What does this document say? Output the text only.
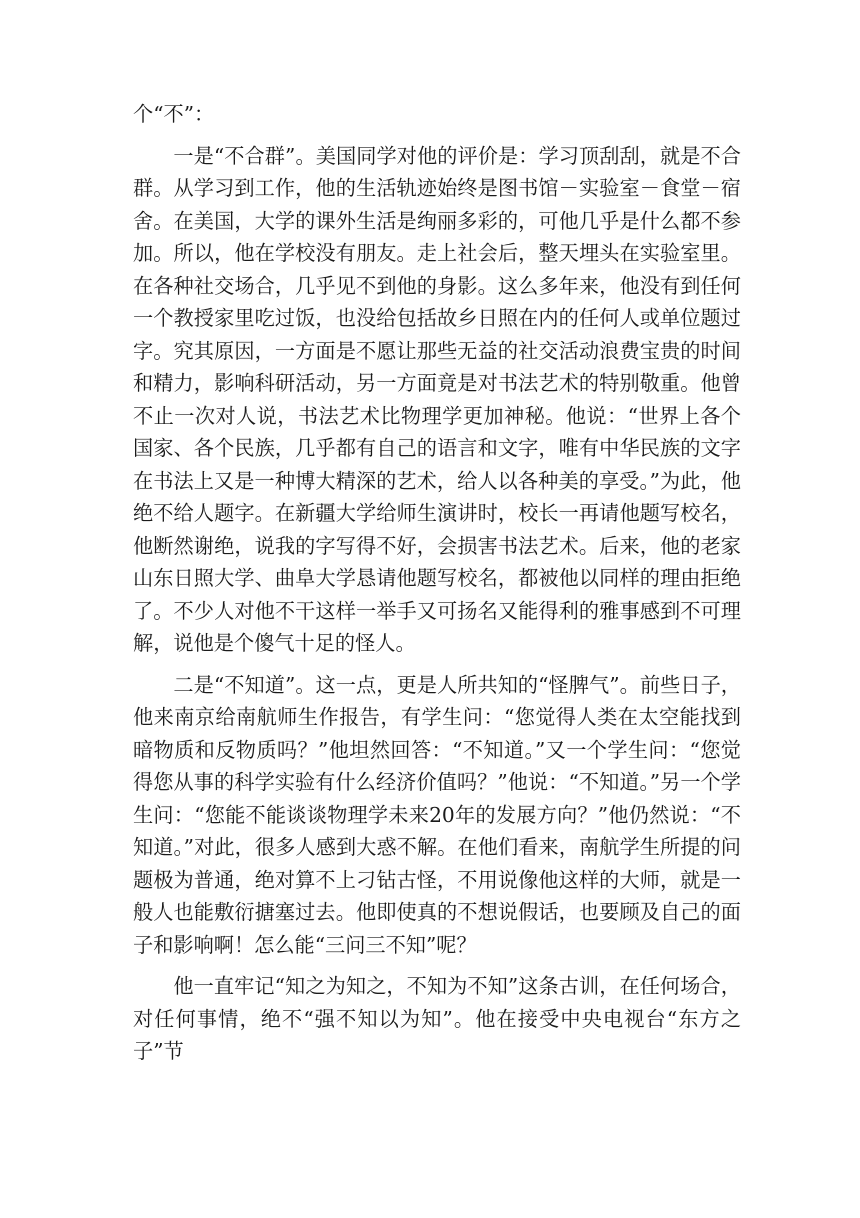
个“不”：

一是“不合群”。美国同学对他的评价是：学习顶刮刮，就是不合群。从学习到工作，他的生活轨迹始终是图书馆－实验室－食堂－宿舍。在美国，大学的课外生活是绚丽多彩的，可他几乎是什么都不参加。所以，他在学校没有朋友。走上社会后，整天埋头在实验室里。在各种社交场合，几乎见不到他的身影。这么多年来，他没有到任何一个教授家里吃过饭，也没给包括故乡日照在内的任何人或单位题过字。究其原因，一方面是不愿让那些无益的社交活动浪费宝贵的时间和精力，影响科研活动，另一方面竟是对书法艺术的特别敬重。他曾不止一次对人说，书法艺术比物理学更加神秘。他说：“世界上各个国家、各个民族，几乎都有自己的语言和文字，唯有中华民族的文字在书法上又是一种博大精深的艺术，给人以各种美的享受。”为此，他绝不给人题字。在新疆大学给师生演讲时，校长一再请他题写校名，他断然谢绝，说我的字写得不好，会损害书法艺术。后来，他的老家山东日照大学、曲阜大学恳请他题写校名，都被他以同样的理由拒绝了。不少人对他不干这样一举手又可扬名又能得利的雅事感到不可理解，说他是个傻气十足的怪人。

二是“不知道”。这一点，更是人所共知的“怪脾气”。前些日子，他来南京给南航师生作报告，有学生问：“您觉得人类在太空能找到暗物质和反物质吗？”他坦然回答：“不知道。”又一个学生问：“您觉得您从事的科学实验有什么经济价值吗？”他说：“不知道。”另一个学生问：“您能不能谈谈物理学未来20年的发展方向？”他仍然说：“不知道。”对此，很多人感到大惑不解。在他们看来，南航学生所提的问题极为普通，绝对算不上刁钻古怪，不用说像他这样的大师，就是一般人也能敷衍搪塞过去。他即使真的不想说假话，也要顾及自己的面子和影响啊！怎么能“三问三不知”呢？

他一直牢记“知之为知之，不知为不知”这条古训，在任何场合，对任何事情，绝不“强不知以为知”。他在接受中央电视台“东方之子”节
